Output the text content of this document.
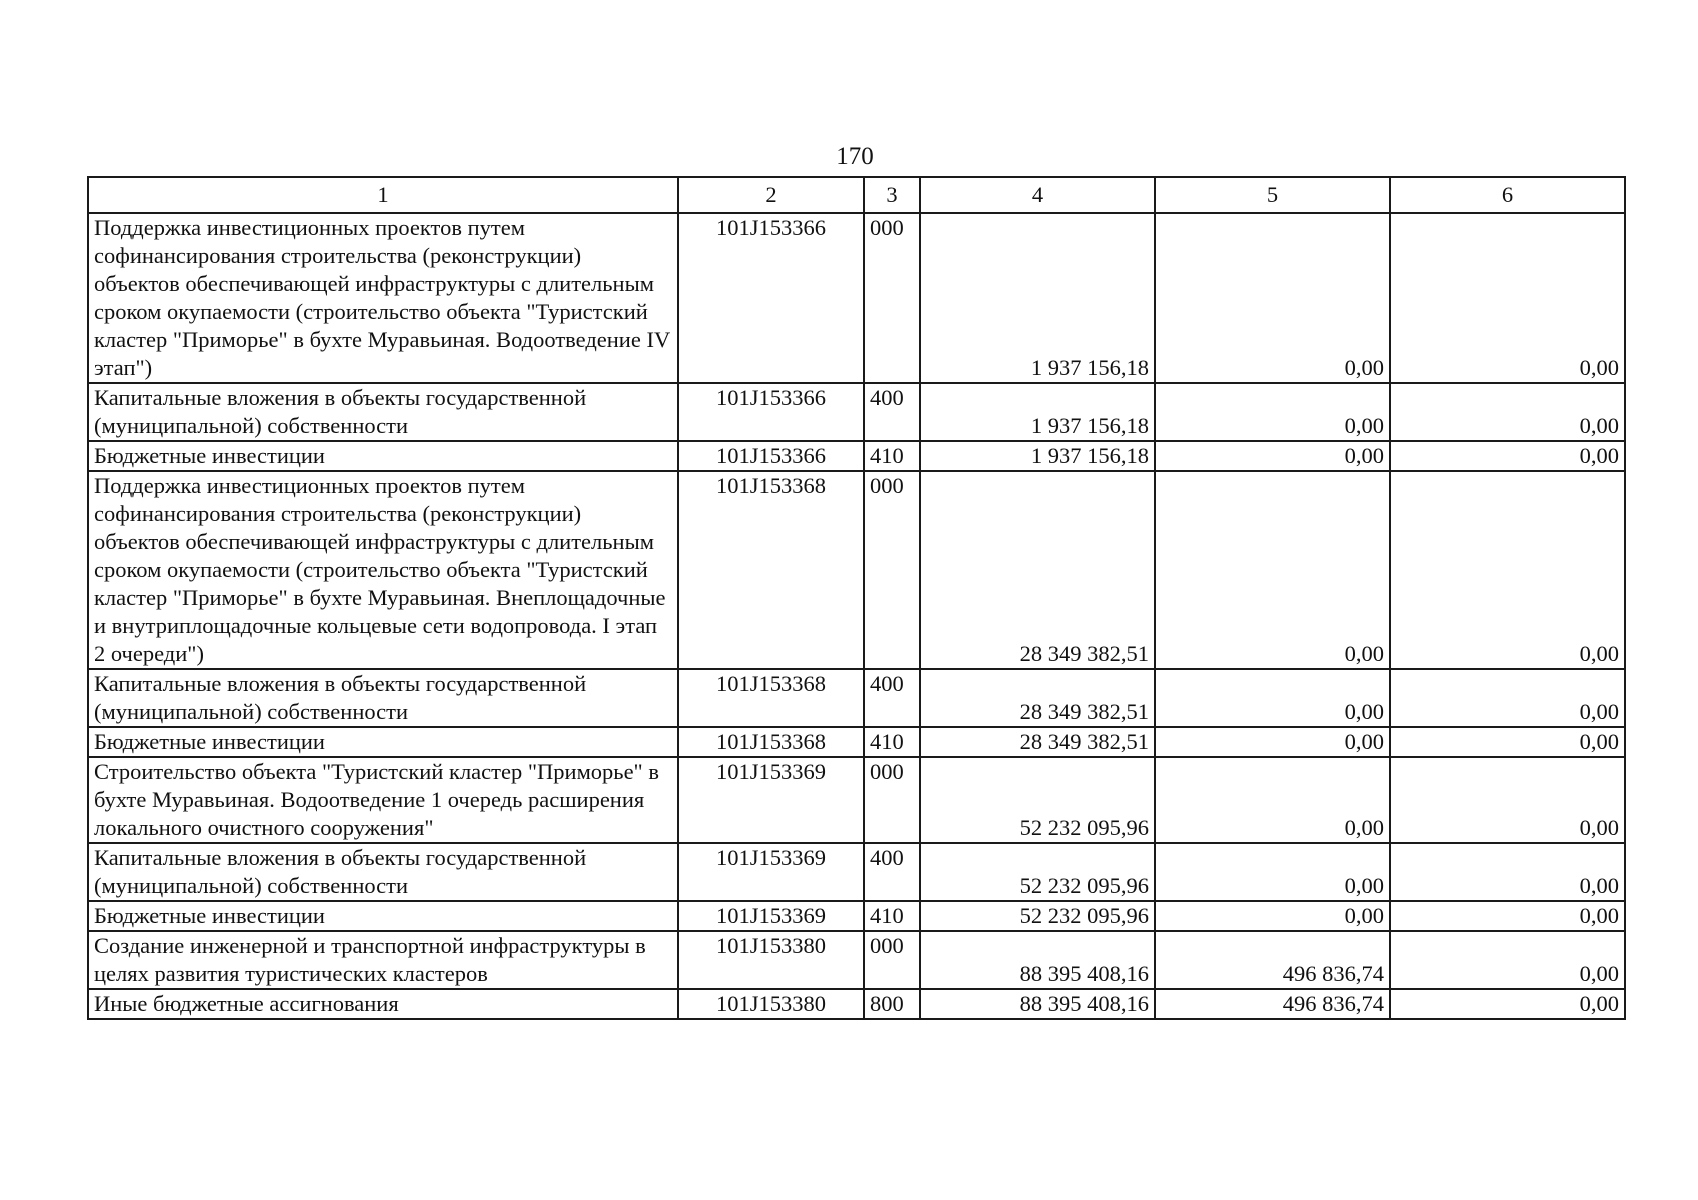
170
1	2	3	4	5	6
Поддержка инвестиционных проектов путем софинансирования строительства (реконструкции) объектов обеспечивающей инфраструктуры с длительным сроком окупаемости (строительство объекта "Туристский кластер "Приморье" в бухте Муравьиная. Водоотведение IV этап")	101J153366	000	1 937 156,18	0,00	0,00
Капитальные вложения в объекты государственной (муниципальной) собственности	101J153366	400	1 937 156,18	0,00	0,00
Бюджетные инвестиции	101J153366	410	1 937 156,18	0,00	0,00
Поддержка инвестиционных проектов путем софинансирования строительства (реконструкции) объектов обеспечивающей инфраструктуры с длительным сроком окупаемости (строительство объекта "Туристский кластер "Приморье" в бухте Муравьиная. Внеплощадочные и внутриплощадочные кольцевые сети водопровода. I этап 2 очереди")	101J153368	000	28 349 382,51	0,00	0,00
Капитальные вложения в объекты государственной (муниципальной) собственности	101J153368	400	28 349 382,51	0,00	0,00
Бюджетные инвестиции	101J153368	410	28 349 382,51	0,00	0,00
Строительство объекта "Туристский кластер "Приморье" в бухте Муравьиная. Водоотведение 1 очередь расширения локального очистного сооружения"	101J153369	000	52 232 095,96	0,00	0,00
Капитальные вложения в объекты государственной (муниципальной) собственности	101J153369	400	52 232 095,96	0,00	0,00
Бюджетные инвестиции	101J153369	410	52 232 095,96	0,00	0,00
Создание инженерной и транспортной инфраструктуры в целях развития туристических кластеров	101J153380	000	88 395 408,16	496 836,74	0,00
Иные бюджетные ассигнования	101J153380	800	88 395 408,16	496 836,74	0,00
